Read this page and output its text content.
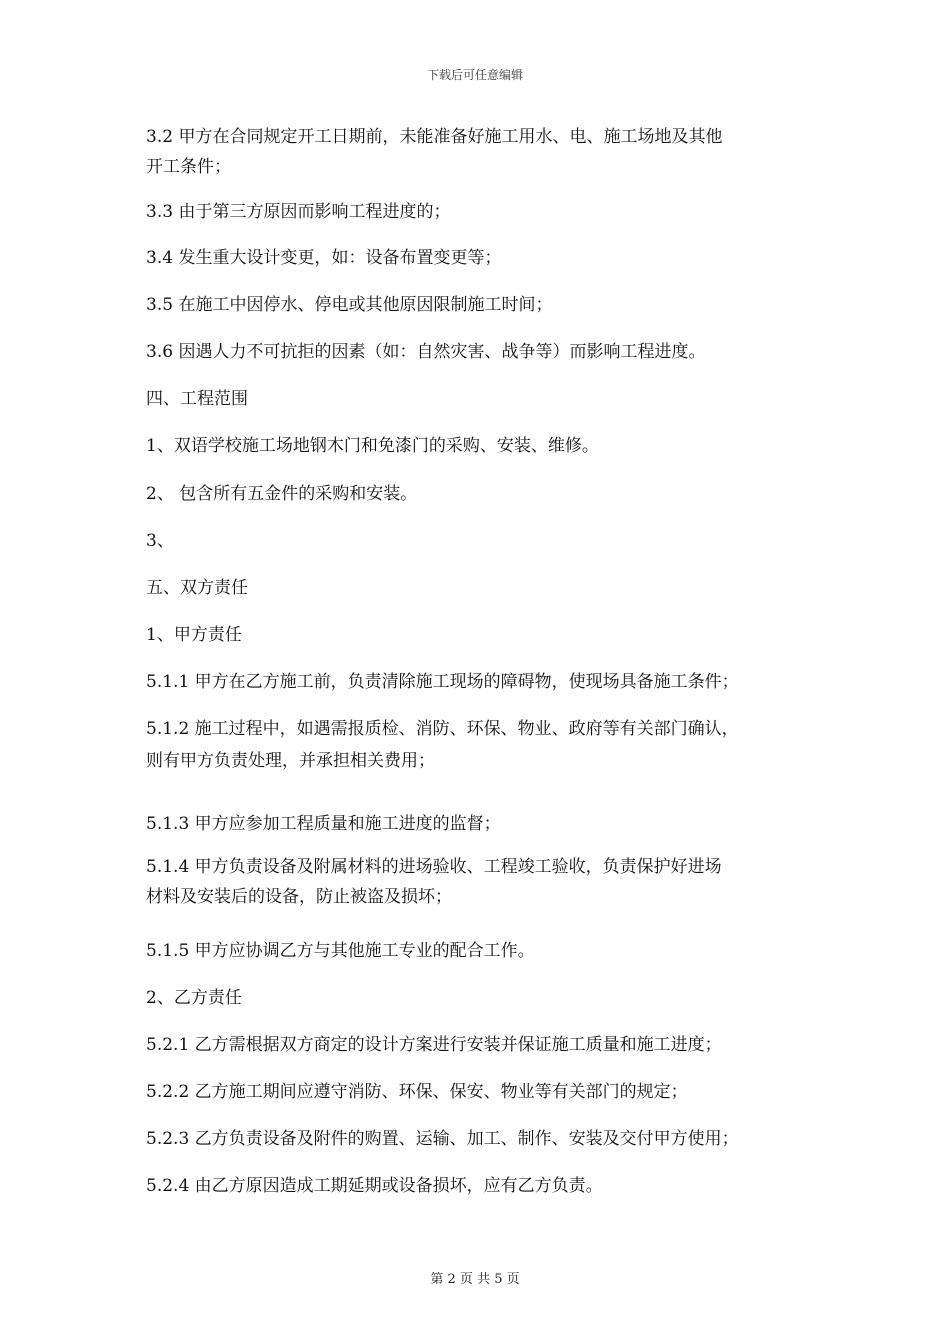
下载后可任意编辑
3.2 甲方在合同规定开工日期前，未能准备好施工用水、电、施工场地及其他
开工条件；
3.3 由于第三方原因而影响工程进度的；
3.4 发生重大设计变更，如：设备布置变更等；
3.5 在施工中因停水、停电或其他原因限制施工时间；
3.6 因遇人力不可抗拒的因素（如：自然灾害、战争等）而影响工程进度。
四、工程范围
1、双语学校施工场地钢木门和免漆门的采购、安装、维修。
2、 包含所有五金件的采购和安装。
3、
五、双方责任
1、甲方责任
5.1.1 甲方在乙方施工前，负责清除施工现场的障碍物，使现场具备施工条件；
5.1.2 施工过程中，如遇需报质检、消防、环保、物业、政府等有关部门确认，
则有甲方负责处理，并承担相关费用；
5.1.3 甲方应参加工程质量和施工进度的监督；
5.1.4 甲方负责设备及附属材料的进场验收、工程竣工验收，负责保护好进场
材料及安装后的设备，防止被盗及损坏；
5.1.5 甲方应协调乙方与其他施工专业的配合工作。
2、乙方责任
5.2.1 乙方需根据双方商定的设计方案进行安装并保证施工质量和施工进度；
5.2.2 乙方施工期间应遵守消防、环保、保安、物业等有关部门的规定；
5.2.3 乙方负责设备及附件的购置、运输、加工、制作、安装及交付甲方使用；
5.2.4 由乙方原因造成工期延期或设备损坏，应有乙方负责。
第 2 页 共 5 页
